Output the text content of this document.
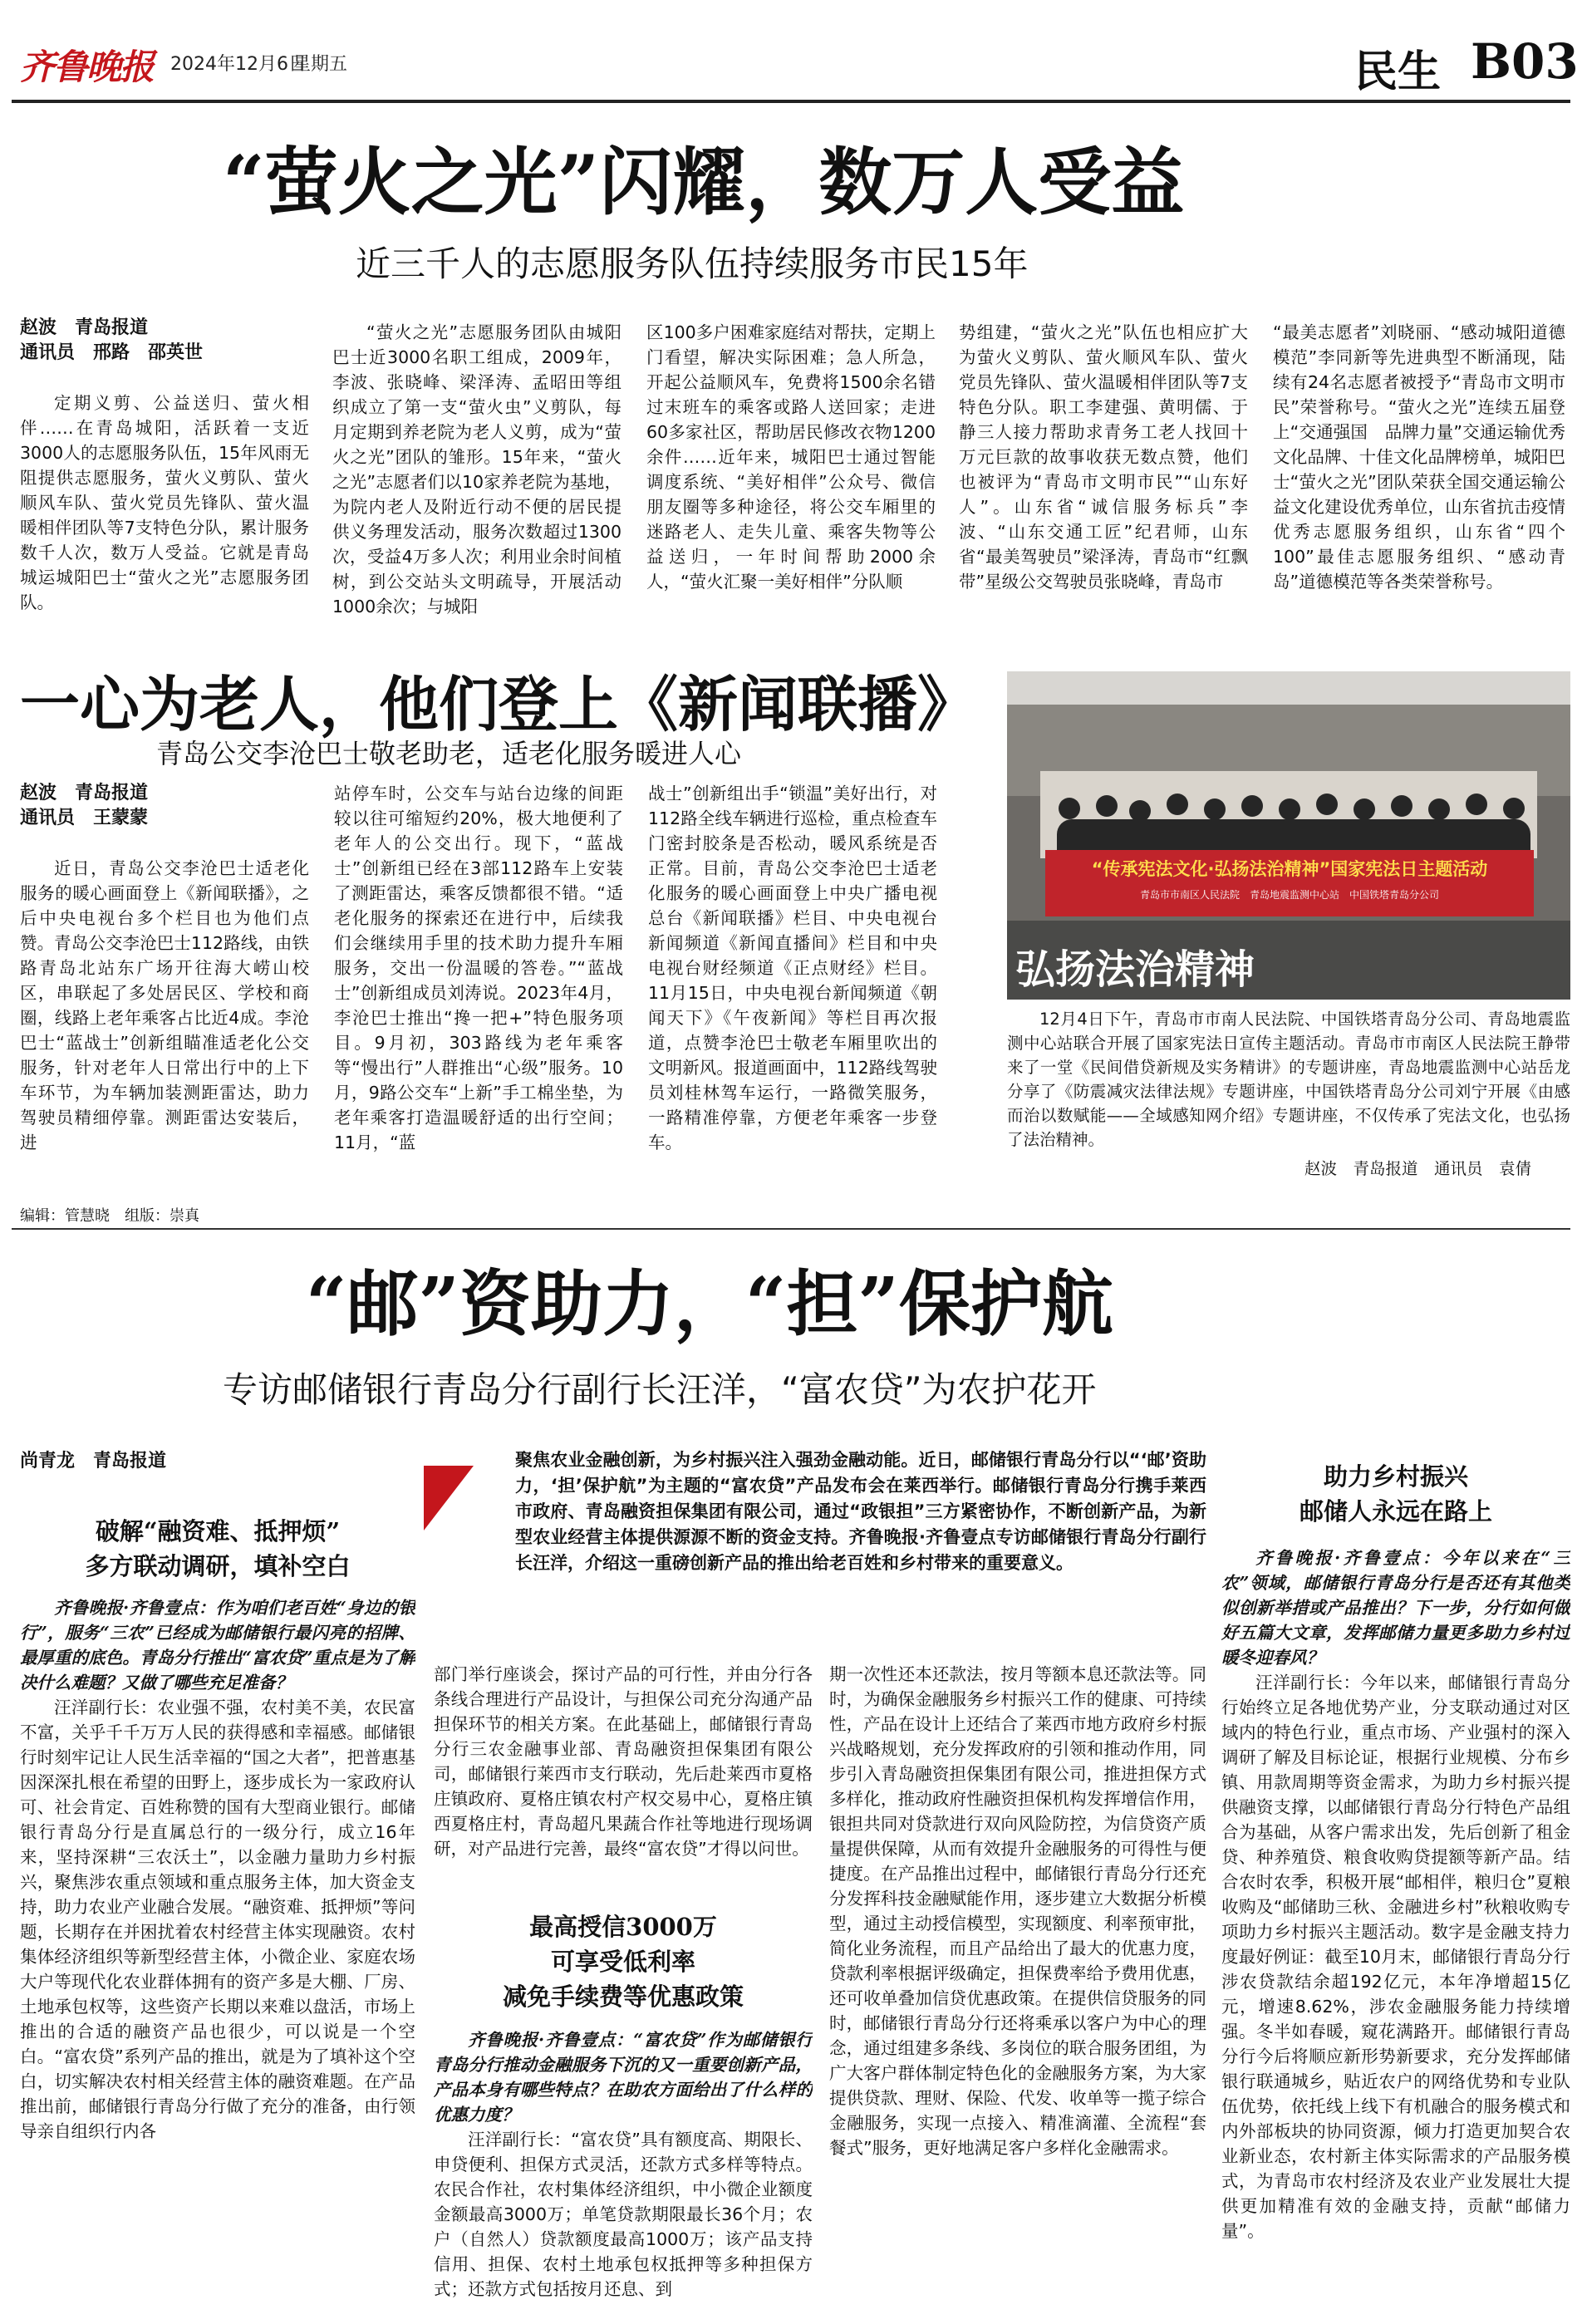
齐鲁晚报 2024年12月6日
星期五	民生 B03
“萤火之光”闪耀，数万人受益
近三千人的志愿服务队伍持续服务市民15年
赵波　青岛报道
通讯员　邢路　邵英世

定期义剪、公益送归、萤火相伴……在青岛城阳，活跃着一支近3000人的志愿服务队伍，15年风雨无阻提供志愿服务，萤火义剪队、萤火顺风车队、萤火党员先锋队、萤火温暖相伴团队等7支特色分队，累计服务数千人次，数万人受益。它就是青岛城运城阳巴士“萤火之光”志愿服务团队。

“萤火之光”志愿服务团队由城阳巴士近3000名职工组成，2009年，李波、张晓峰、梁泽涛、孟昭田等组织成立了第一支“萤火虫”义剪队，每月定期到养老院为老人义剪，成为“萤火之光”团队的雏形。15年来，“萤火之光”志愿者们以10家养老院为基地，为院内老人及附近行动不便的居民提供义务理发活动，服务次数超过1300次，受益4万多人次；利用业余时间植树，到公交站头文明疏导，开展活动1000余次；与城阳

区100多户困难家庭结对帮扶，定期上门看望，解决实际困难；急人所急，开起公益顺风车，免费将1500余名错过末班车的乘客或路人送回家；走进60多家社区，帮助居民修改衣物1200余件……近年来，城阳巴士通过智能调度系统、“美好相伴”公众号、微信朋友圈等多种途径，将公交车厢里的迷路老人、走失儿童、乘客失物等公益送归，一年时间帮助2000余人，“萤火汇聚一美好相伴”分队顺

势组建，“萤火之光”队伍也相应扩大为萤火义剪队、萤火顺风车队、萤火党员先锋队、萤火温暖相伴团队等7支特色分队。职工李建强、黄明儒、于静三人接力帮助求青务工老人找回十万元巨款的故事收获无数点赞，他们也被评为“青岛市文明市民”“山东好人”。山东省“诚信服务标兵”李波、“山东交通工匠”纪君师，山东省“最美驾驶员”梁泽涛，青岛市“红飘带”星级公交驾驶员张晓峰，青岛市

“最美志愿者”刘晓丽、“感动城阳道德模范”李同新等先进典型不断涌现，陆续有24名志愿者被授予“青岛市文明市民”荣誉称号。“萤火之光”连续五届登上“交通强国　品牌力量”交通运输优秀文化品牌、十佳文化品牌榜单，城阳巴士“萤火之光”团队荣获全国交通运输公益文化建设优秀单位，山东省抗击疫情优秀志愿服务组织，山东省“四个100”最佳志愿服务组织、“感动青岛”道德模范等各类荣誉称号。

一心为老人，他们登上《新闻联播》
青岛公交李沧巴士敬老助老，适老化服务暖进人心
赵波　青岛报道
通讯员　王蒙蒙

近日，青岛公交李沧巴士适老化服务的暖心画面登上《新闻联播》，之后中央电视台多个栏目也为他们点赞。青岛公交李沧巴士112路线，由铁路青岛北站东广场开往海大崂山校区，串联起了多处居民区、学校和商圈，线路上老年乘客占比近4成。李沧巴士“蓝战士”创新组瞄准适老化公交服务，针对老年人日常出行中的上下车环节，为车辆加装测距雷达，助力驾驶员精细停靠。测距雷达安装后，进

站停车时，公交车与站台边缘的间距较以往可缩短约20%，极大地便利了老年人的公交出行。现下，“蓝战士”创新组已经在3部112路车上安装了测距雷达，乘客反馈都很不错。“适老化服务的探索还在进行中，后续我们会继续用手里的技术助力提升车厢服务，交出一份温暖的答卷。”“蓝战士”创新组成员刘涛说。2023年4月，李沧巴士推出“搀一把+”特色服务项目。9月初，303路线为老年乘客等“慢出行”人群推出“心级”服务。10月，9路公交车“上新”手工棉坐垫，为老年乘客打造温暖舒适的出行空间；11月，“蓝

战士”创新组出手“锁温”美好出行，对112路全线车辆进行巡检，重点检查车门密封胶条是否松动，暖风系统是否正常。目前，青岛公交李沧巴士适老化服务的暖心画面登上中央广播电视总台《新闻联播》栏目、中央电视台新闻频道《新闻直播间》栏目和中央电视台财经频道《正点财经》栏目。11月15日，中央电视台新闻频道《朝闻天下》《午夜新闻》等栏目再次报道，点赞李沧巴士敬老车厢里吹出的文明新风。报道画面中，112路线驾驶员刘桂林驾车运行，一路微笑服务，一路精准停靠，方便老年乘客一步登车。

“传承宪法文化·弘扬法治精神”国家宪法日主题活动
青岛市市南区人民法院　青岛地震监测中心站　中国铁塔青岛分公司
弘扬法治精神
12月4日下午，青岛市市南人民法院、中国铁塔青岛分公司、青岛地震监测中心站联合开展了国家宪法日宣传主题活动。青岛市市南区人民法院王静带来了一堂《民间借贷新规及实务精讲》的专题讲座，青岛地震监测中心站岳龙分享了《防震减灾法律法规》专题讲座，中国铁塔青岛分公司刘宁开展《由感而治以数赋能——全域感知网介绍》专题讲座，不仅传承了宪法文化，也弘扬了法治精神。
赵波　青岛报道　通讯员　袁倩
编辑：管慧晓　组版：崇真
“邮”资助力，“担”保护航
专访邮储银行青岛分行副行长汪洋，“富农贷”为农护花开
尚青龙　青岛报道	聚焦农业金融创新，为乡村振兴注入强劲金融动能。近日，邮储银行青岛分行以“‘邮’资助力，‘担’保护航”为主题的“富农贷”产品发布会在莱西举行。邮储银行青岛分行携手莱西市政府、青岛融资担保集团有限公司，通过“政银担”三方紧密协作，不断创新产品，为新型农业经营主体提供源源不断的资金支持。齐鲁晚报·齐鲁壹点专访邮储银行青岛分行副行长汪洋，介绍这一重磅创新产品的推出给老百姓和乡村带来的重要意义。
破解“融资难、抵押烦”
多方联动调研，填补空白

齐鲁晚报·齐鲁壹点：作为咱们老百姓“身边的银行”，服务“三农”已经成为邮储银行最闪亮的招牌、最厚重的底色。青岛分行推出“富农贷”重点是为了解决什么难题？又做了哪些充足准备？

汪洋副行长：农业强不强，农村美不美，农民富不富，关乎千千万万人民的获得感和幸福感。邮储银行时刻牢记让人民生活幸福的“国之大者”，把普惠基因深深扎根在希望的田野上，逐步成长为一家政府认可、社会肯定、百姓称赞的国有大型商业银行。邮储银行青岛分行是直属总行的一级分行，成立16年来，坚持深耕“三农沃土”，以金融力量助力乡村振兴，聚焦涉农重点领域和重点服务主体，加大资金支持，助力农业产业融合发展。“融资难、抵押烦”等问题，长期存在并困扰着农村经营主体实现融资。农村集体经济组织等新型经营主体，小微企业、家庭农场大户等现代化农业群体拥有的资产多是大棚、厂房、土地承包权等，这些资产长期以来难以盘活，市场上推出的合适的融资产品也很少，可以说是一个空白。“富农贷”系列产品的推出，就是为了填补这个空白，切实解决农村相关经营主体的融资难题。在产品推出前，邮储银行青岛分行做了充分的准备，由行领导亲自组织行内各

部门举行座谈会，探讨产品的可行性，并由分行各条线合理进行产品设计，与担保公司充分沟通产品担保环节的相关方案。在此基础上，邮储银行青岛分行三农金融事业部、青岛融资担保集团有限公司，邮储银行莱西市支行联动，先后赴莱西市夏格庄镇政府、夏格庄镇农村产权交易中心，夏格庄镇西夏格庄村，青岛超凡果蔬合作社等地进行现场调研，对产品进行完善，最终“富农贷”才得以问世。

最高授信3000万
可享受低利率
减免手续费等优惠政策

齐鲁晚报·齐鲁壹点：“富农贷”作为邮储银行青岛分行推动金融服务下沉的又一重要创新产品，产品本身有哪些特点？在助农方面给出了什么样的优惠力度？

汪洋副行长：“富农贷”具有额度高、期限长、申贷便利、担保方式灵活，还款方式多样等特点。农民合作社，农村集体经济组织，中小微企业额度金额最高3000万；单笔贷款期限最长36个月；农户（自然人）贷款额度最高1000万；该产品支持信用、担保、农村土地承包权抵押等多种担保方式；还款方式包括按月还息、到

期一次性还本还款法，按月等额本息还款法等。同时，为确保金融服务乡村振兴工作的健康、可持续性，产品在设计上还结合了莱西市地方政府乡村振兴战略规划，充分发挥政府的引领和推动作用，同步引入青岛融资担保集团有限公司，推进担保方式多样化，推动政府性融资担保机构发挥增信作用，银担共同对贷款进行双向风险防控，为信贷资产质量提供保障，从而有效提升金融服务的可得性与便捷度。在产品推出过程中，邮储银行青岛分行还充分发挥科技金融赋能作用，逐步建立大数据分析模型，通过主动授信模型，实现额度、利率预审批，简化业务流程，而且产品给出了最大的优惠力度，贷款利率根据评级确定，担保费率给予费用优惠，还可收单叠加信贷优惠政策。在提供信贷服务的同时，邮储银行青岛分行还将乘承以客户为中心的理念，通过组建多条线、多岗位的联合服务团组，为广大客户群体制定特色化的金融服务方案，为大家提供贷款、理财、保险、代发、收单等一揽子综合金融服务，实现一点接入、精准滴灌、全流程“套餐式”服务，更好地满足客户多样化金融需求。

助力乡村振兴
邮储人永远在路上

齐鲁晚报·齐鲁壹点：今年以来在“三农”领域，邮储银行青岛分行是否还有其他类似创新举措或产品推出？下一步，分行如何做好五篇大文章，发挥邮储力量更多助力乡村过暖冬迎春风？

汪洋副行长：今年以来，邮储银行青岛分行始终立足各地优势产业，分支联动通过对区域内的特色行业，重点市场、产业强村的深入调研了解及目标论证，根据行业规模、分布乡镇、用款周期等资金需求，为助力乡村振兴提供融资支撑，以邮储银行青岛分行特色产品组合为基础，从客户需求出发，先后创新了租金贷、种养殖贷、粮食收购贷提额等新产品。结合农时农季，积极开展“邮相伴，粮归仓”夏粮收购及“邮储助三秋、金融进乡村”秋粮收购专项助力乡村振兴主题活动。数字是金融支持力度最好例证：截至10月末，邮储银行青岛分行涉农贷款结余超192亿元，本年净增超15亿元，增速8.62%，涉农金融服务能力持续增强。冬半如春暖，窥花满路开。邮储银行青岛分行今后将顺应新形势新要求，充分发挥邮储银行联通城乡，贴近农户的网络优势和专业队伍优势，依托线上线下有机融合的服务模式和内外部板块的协同资源，倾力打造更加契合农业新业态，农村新主体实际需求的产品服务模式，为青岛市农村经济及农业产业发展壮大提供更加精准有效的金融支持，贡献“邮储力量”。
